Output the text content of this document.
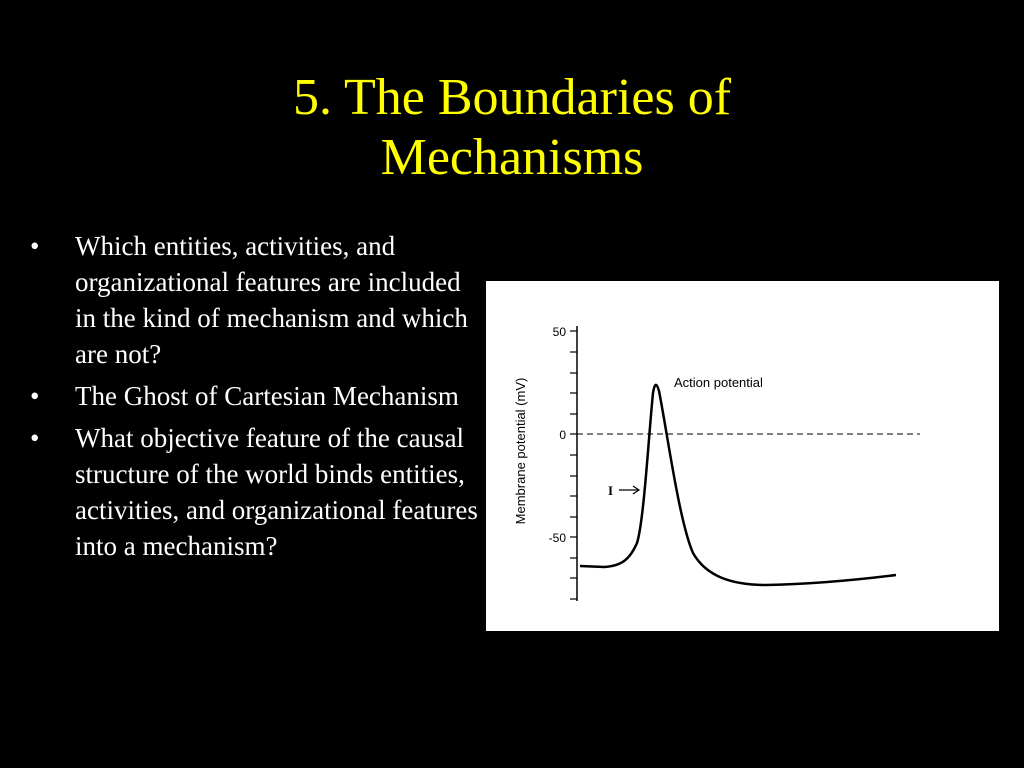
5. The Boundaries of
Mechanisms
• Which entities, activities, and organizational features are included in the kind of mechanism and which are not?
• The Ghost of Cartesian Mechanism
• What objective feature of the causal structure of the world binds entities, activities, and organizational features into a mechanism?
50
0
-50
Membrane potential (mV)	Action potential
I
